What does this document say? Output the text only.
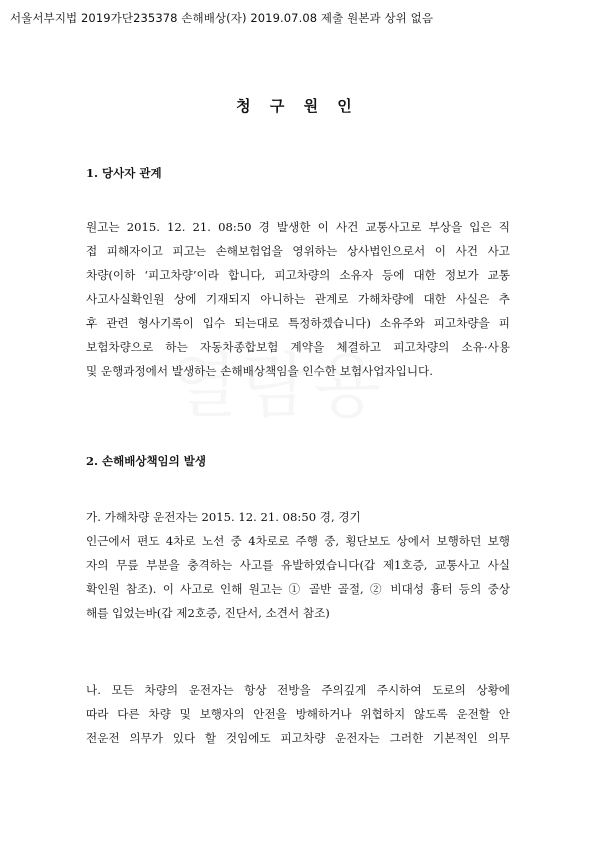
서울서부지법 2019가단235378 손해배상(자) 2019.07.08 제출 원본과 상위 없음
청 구 원 인
1. 당사자 관계
원고는 2015. 12. 21. 08:50 경 발생한 이 사건 교통사고로 부상을 입은 직
접 피해자이고 피고는 손해보험업을 영위하는 상사법인으로서 이 사건 사고
차량(이하 ‘피고차량’이라 합니다, 피고차량의 소유자 등에 대한 정보가 교통
사고사실확인원 상에 기재되지 아니하는 관계로 가해차량에 대한 사실은 추
후 관련 형사기록이 입수 되는대로 특정하겠습니다) 소유주와 피고차량을 피
보험차량으로 하는 자동차종합보험 계약을 체결하고 피고차량의 소유·사용
및 운행과정에서 발생하는 손해배상책임을 인수한 보험사업자입니다.
2. 손해배상책임의 발생
가. 가해차량 운전자는 2015. 12. 21. 08:50 경, 경기
인근에서 편도 4차로 노선 중 4차로로 주행 중, 횡단보도 상에서 보행하던 보행
자의 무릎 부분을 충격하는 사고를 유발하였습니다(갑 제1호증, 교통사고 사실
확인원 참조). 이 사고로 인해 원고는 ① 골반 골절, ② 비대성 흉터 등의 중상
해를 입었는바(갑 제2호증, 진단서, 소견서 참조)
나. 모든 차량의 운전자는 항상 전방을 주의깊게 주시하여 도로의 상황에
따라 다른 차량 및 보행자의 안전을 방해하거나 위협하지 않도록 운전할 안
전운전 의무가 있다 할 것임에도 피고차량 운전자는 그러한 기본적인 의무
